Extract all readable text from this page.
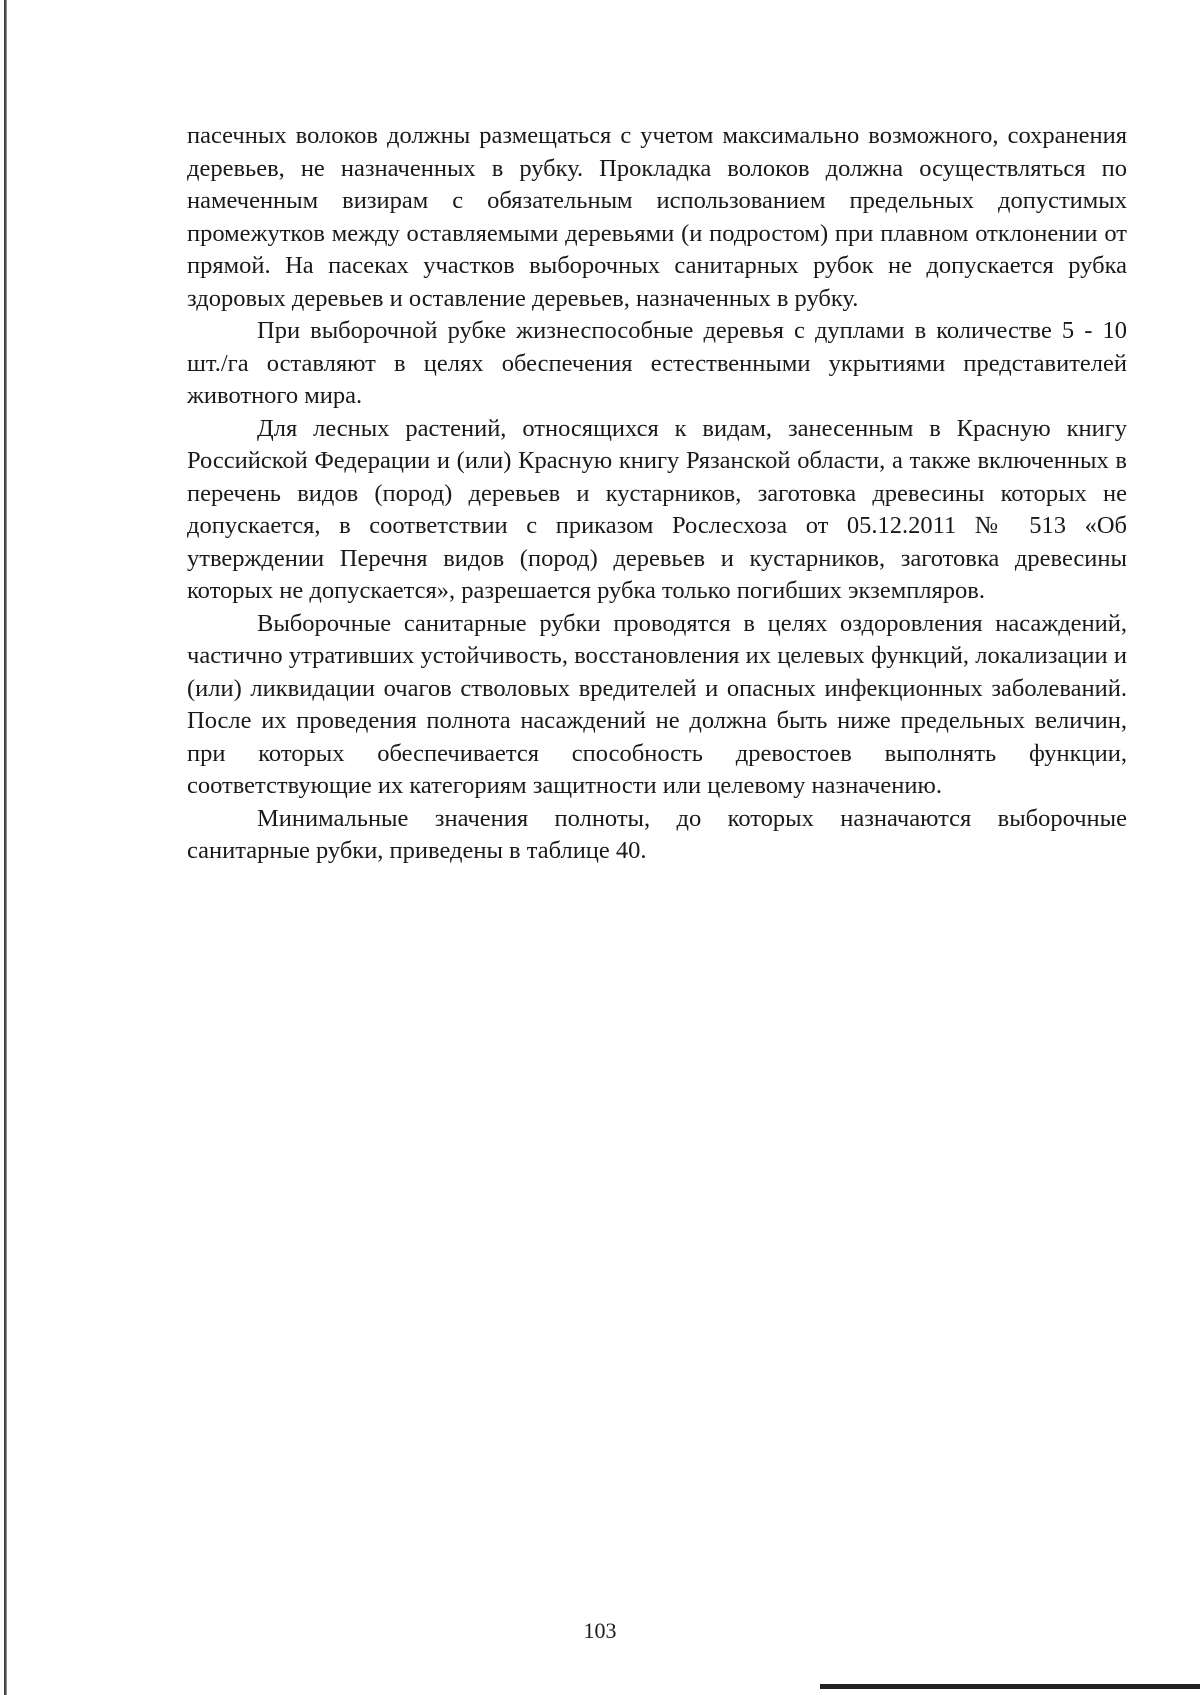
пасечных волоков должны размещаться с учетом максимально возможного, сохранения деревьев, не назначенных в рубку. Прокладка волоков должна осуществляться по намеченным визирам с обязательным использованием предельных допустимых промежутков между оставляемыми деревьями (и подростом) при плавном отклонении от прямой. На пасеках участков выборочных санитарных рубок не допускается рубка здоровых деревьев и оставление деревьев, назначенных в рубку.

При выборочной рубке жизнеспособные деревья с дуплами в количестве 5 - 10 шт./га оставляют в целях обеспечения естественными укрытиями представителей животного мира.

Для лесных растений, относящихся к видам, занесенным в Красную книгу Российской Федерации и (или) Красную книгу Рязанской области, а также включенных в перечень видов (пород) деревьев и кустарников, заготовка древесины которых не допускается, в соответствии с приказом Рослесхоза от 05.12.2011 № 513 «Об утверждении Перечня видов (пород) деревьев и кустарников, заготовка древесины которых не допускается», разрешается рубка только погибших экземпляров.

Выборочные санитарные рубки проводятся в целях оздоровления насаждений, частично утративших устойчивость, восстановления их целевых функций, локализации и (или) ликвидации очагов стволовых вредителей и опасных инфекционных заболеваний. После их проведения полнота насаждений не должна быть ниже предельных величин, при которых обеспечивается способность древостоев выполнять функции, соответствующие их категориям защитности или целевому назначению.

Минимальные значения полноты, до которых назначаются выборочные санитарные рубки, приведены в таблице 40.

103
